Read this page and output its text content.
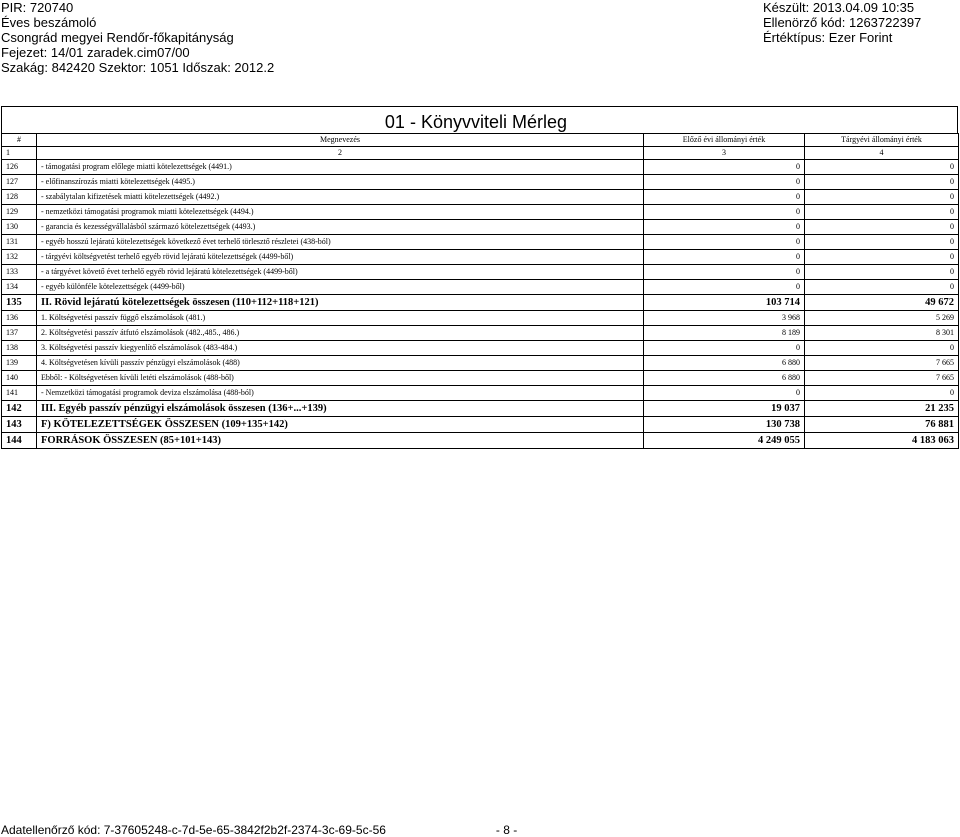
PIR: 720740	Készült: 2013.04.09 10:35
Éves beszámoló	Ellenörző kód: 1263722397
Csongrád megyei Rendőr-főkapitányság	Értéktípus: Ezer Forint
Fejezet: 14/01 zaradek.cim07/00
Szakág: 842420 Szektor: 1051 Időszak: 2012.2
01 - Könyvviteli Mérleg
#	Megnevezés	Előző évi állományi érték	Tárgyévi állományi érték
1	2	3	4
126	- támogatási program előlege miatti kötelezettségek (4491.)	0	0
127	- előfinanszírozás miatti kötelezettségek (4495.)	0	0
128	- szabálytalan kifizetések miatti kötelezettségek (4492.)	0	0
129	- nemzetközi támogatási programok miatti kötelezettségek (4494.)	0	0
130	- garancia és kezességvállalásból származó kötelezettségek (4493.)	0	0
131	- egyéb hosszú lejáratú kötelezettségek következő évet terhelő törlesztő részletei (438-ból)	0	0
132	- tárgyévi költségvetést terhelő egyéb rövid lejáratú kötelezettségek (4499-ből)	0	0
133	- a tárgyévet követő évet terhelő egyéb rövid lejáratú kötelezettségek (4499-ből)	0	0
134	- egyéb különféle kötelezettségek (4499-ből)	0	0
135	II. Rövid lejáratú kötelezettségek összesen (110+112+118+121)	103 714	49 672
136	1. Költségvetési passzív függő elszámolások (481.)	3 968	5 269
137	2. Költségvetési passzív átfutó elszámolások (482.,485., 486.)	8 189	8 301
138	3. Költségvetési passzív kiegyenlítő elszámolások (483-484.)	0	0
139	4. Költségvetésen kívüli passzív pénzügyi elszámolások (488)	6 880	7 665
140	Ebből: - Költségvetésen kívüli letéti elszámolások (488-ből)	6 880	7 665
141	- Nemzetközi támogatási programok deviza elszámolása (488-ból)	0	0
142	III. Egyéb passzív pénzügyi elszámolások összesen (136+...+139)	19 037	21 235
143	F) KÖTELEZETTSÉGEK ÖSSZESEN (109+135+142)	130 738	76 881
144	FORRÁSOK ÖSSZESEN (85+101+143)	4 249 055	4 183 063
Adatellenőrző kód: 7-37605248-c-7d-5e-65-3842f2b2f-2374-3c-69-5c-56	- 8 -
